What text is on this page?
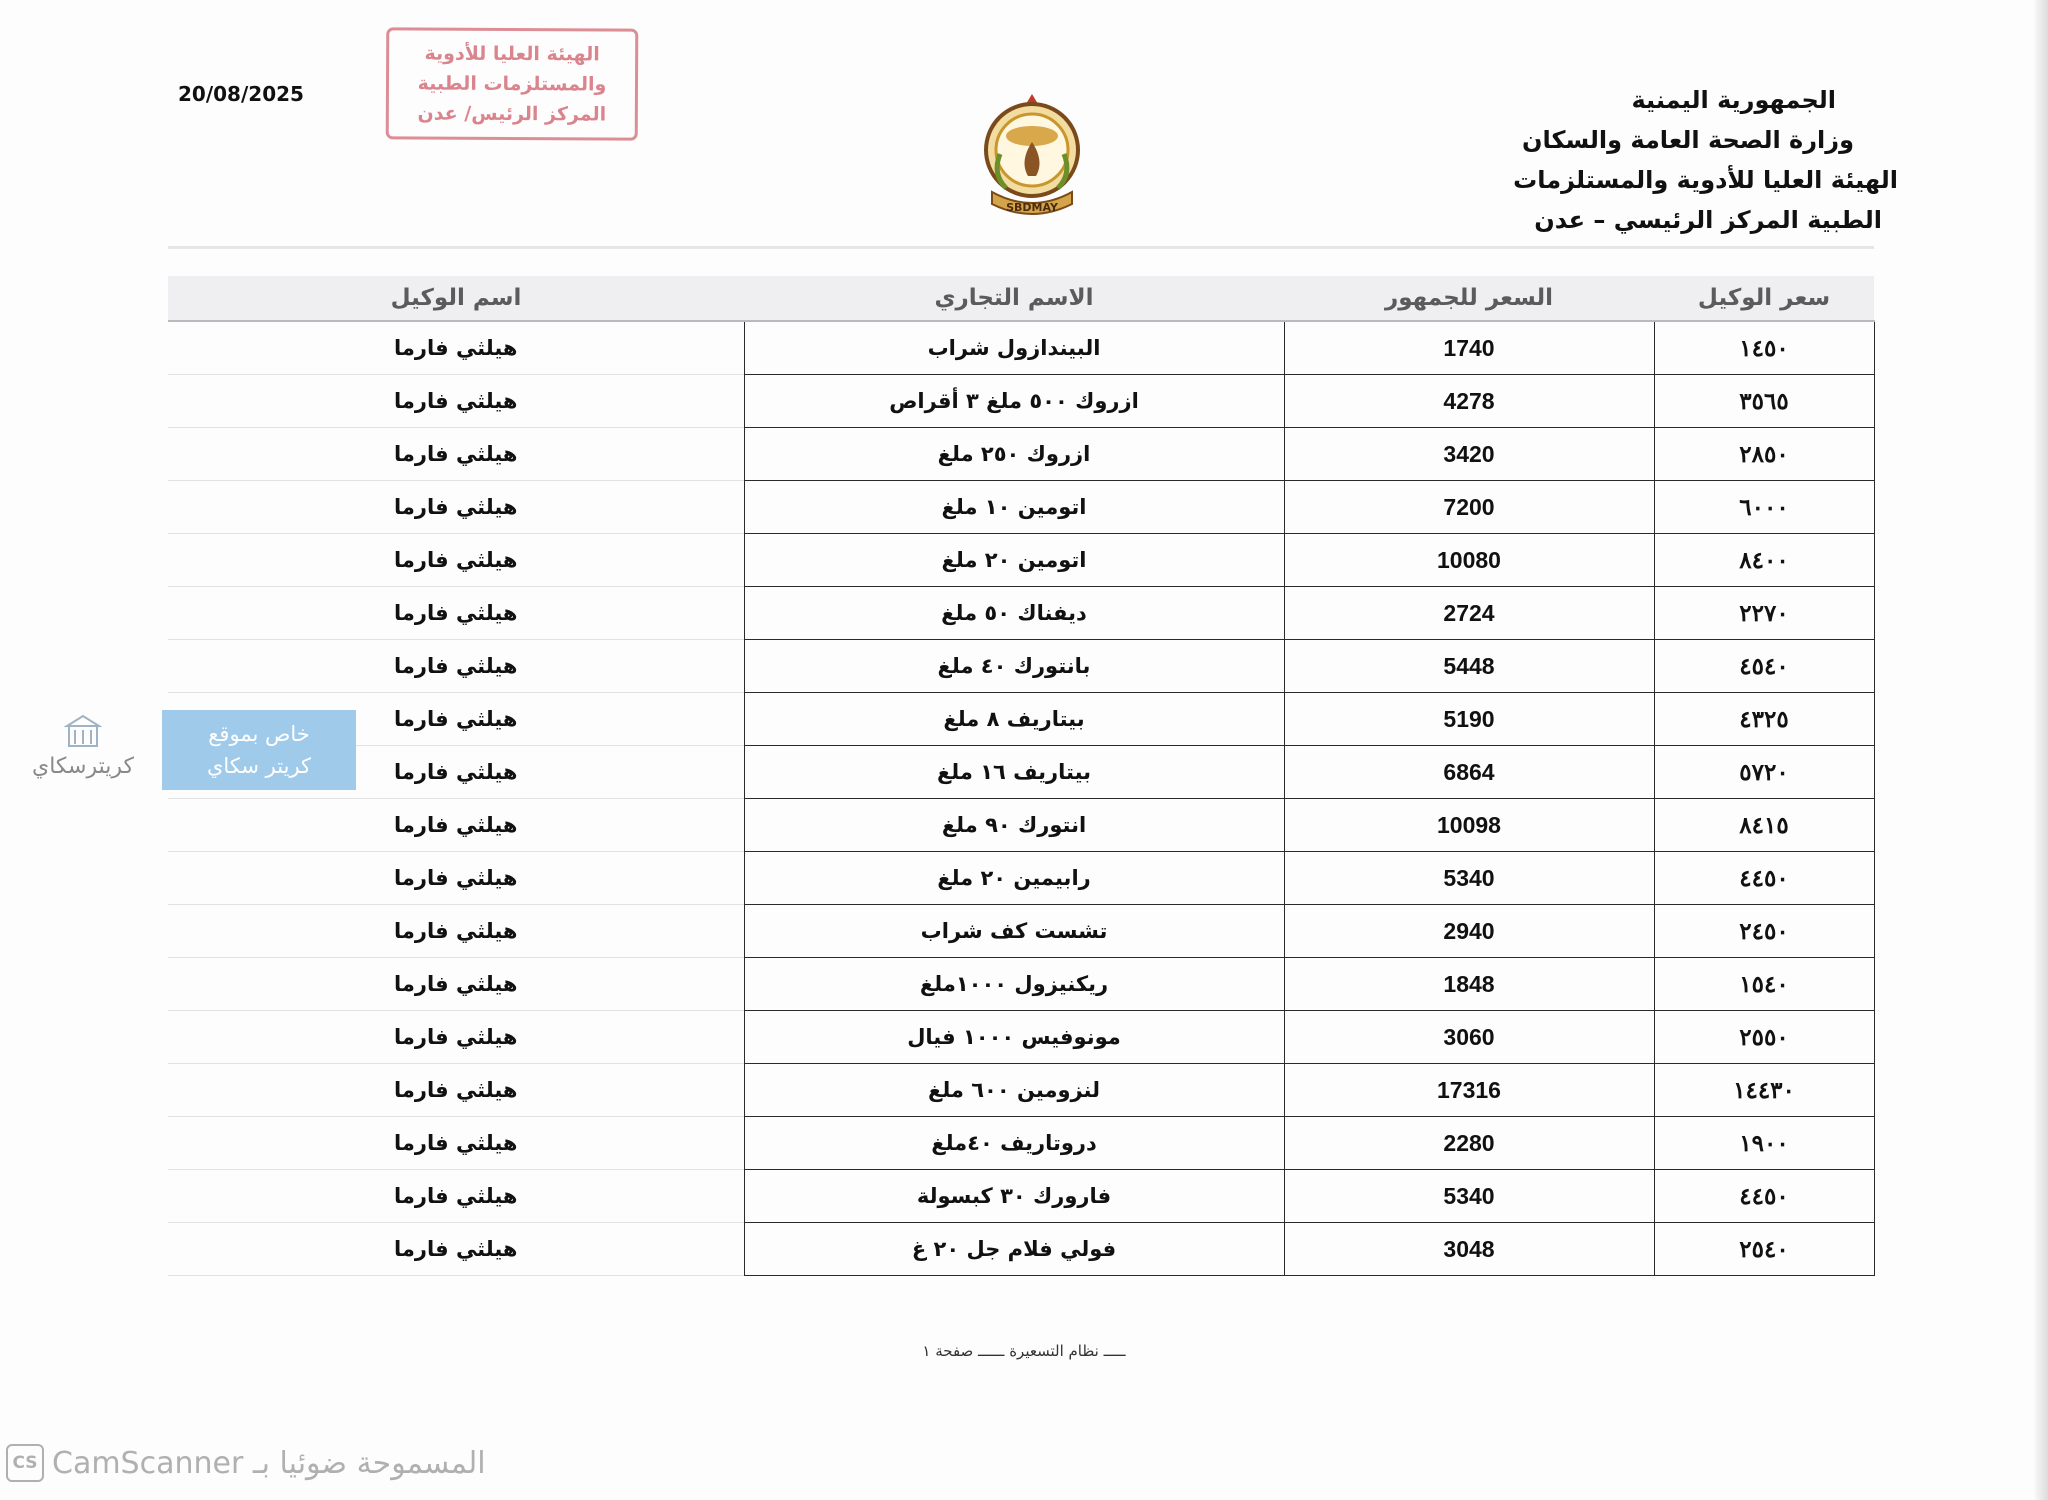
20/08/2025
الهيئة العليا للأدوية
والمستلزمات الطبية
المركز الرئيس/ عدن
SBDMAY
الجمهورية اليمنية
وزارة الصحة العامة والسكان
الهيئة العليا للأدوية والمستلزمات
الطبية المركز الرئيسي – عدن
سعر الوكيل	السعر للجمهور	الاسم التجاري	اسم الوكيل
١٤٥٠	1740	البيندازول شراب	هيلثي فارما
٣٥٦٥	4278	ازروك ٥٠٠ ملغ ٣ أقراص	هيلثي فارما
٢٨٥٠	3420	ازروك ٢٥٠ ملغ	هيلثي فارما
٦٠٠٠	7200	اتومين ١٠ ملغ	هيلثي فارما
٨٤٠٠	10080	اتومين ٢٠ ملغ	هيلثي فارما
٢٢٧٠	2724	ديفناك ٥٠ ملغ	هيلثي فارما
٤٥٤٠	5448	بانتورك ٤٠ ملغ	هيلثي فارما
٤٣٢٥	5190	بيتاريف ٨ ملغ	هيلثي فارما
٥٧٢٠	6864	بيتاريف ١٦ ملغ	هيلثي فارما
٨٤١٥	10098	انتورك ٩٠ ملغ	هيلثي فارما
٤٤٥٠	5340	رابيمين ٢٠ ملغ	هيلثي فارما
٢٤٥٠	2940	تشست كف شراب	هيلثي فارما
١٥٤٠	1848	ريكنيزول ١٠٠٠ملغ	هيلثي فارما
٢٥٥٠	3060	مونوفيس ١٠٠٠ فيال	هيلثي فارما
١٤٤٣٠	17316	لنزومين ٦٠٠ ملغ	هيلثي فارما
١٩٠٠	2280	دروتاريف ٤٠ملغ	هيلثي فارما
٤٤٥٠	5340	فارورك ٣٠ كبسولة	هيلثي فارما
٢٥٤٠	3048	فولي فلام جل ٢٠ غ	هيلثي فارما
كريترسكاي
خاص بموقع
كريتر سكاي
ـــــ نظام التسعيرة ــــــ صفحة ١
CS CamScanner المسموحة ضوئيا بـ
